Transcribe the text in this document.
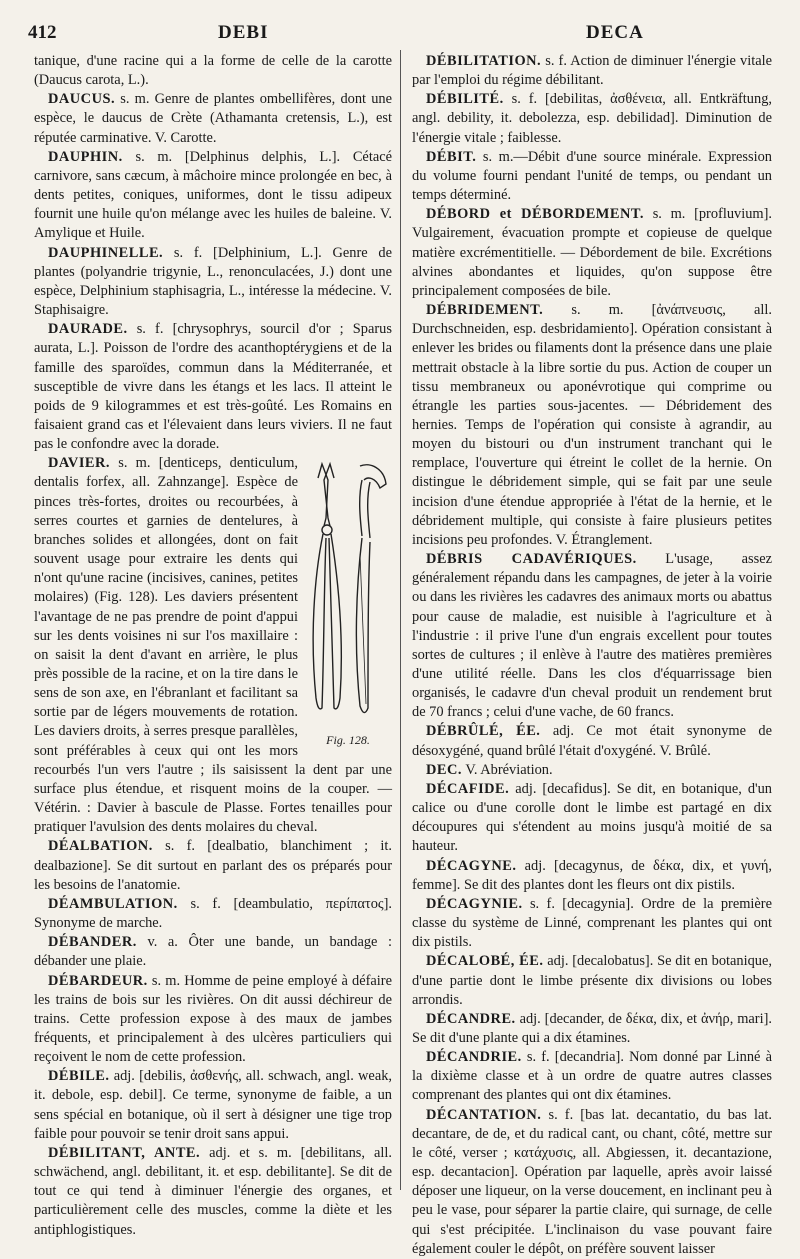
412	DEBI	DECA

tanique, d'une racine qui a la forme de celle de la carotte (Daucus carota, L.).

DAUCUS. s. m. Genre de plantes ombellifères, dont une espèce, le daucus de Crète (Athamanta cretensis, L.), est réputée carminative. V. Carotte.

DAUPHIN. s. m. [Delphinus delphis, L.]. Cétacé carnivore, sans cæcum, à mâchoire mince prolongée en bec, à dents petites, coniques, uniformes, dont le tissu adipeux fournit une huile qu'on mélange avec les huiles de baleine. V. Amylique et Huile.

DAUPHINELLE. s. f. [Delphinium, L.]. Genre de plantes (polyandrie trigynie, L., renonculacées, J.) dont une espèce, Delphinium staphisagria, L., intéresse la médecine. V. Staphisaigre.

DAURADE. s. f. [chrysophrys, sourcil d'or ; Sparus aurata, L.]. Poisson de l'ordre des acanthoptérygiens et de la famille des sparoïdes, commun dans la Méditerranée, et susceptible de vivre dans les étangs et les lacs. Il atteint le poids de 9 kilogrammes et est très-goûté. Les Romains en faisaient grand cas et l'élevaient dans leurs viviers. Il ne faut pas le confondre avec la dorade.

Fig. 128.

DAVIER. s. m. [denticeps, denticulum, dentalis forfex, all. Zahnzange]. Espèce de pinces très-fortes, droites ou recourbées, à serres courtes et garnies de dentelures, à branches solides et allongées, dont on fait souvent usage pour extraire les dents qui n'ont qu'une racine (incisives, canines, petites molaires) (Fig. 128). Les daviers présentent l'avantage de ne pas prendre de point d'appui sur les dents voisines ni sur l'os maxillaire : on saisit la dent d'avant en arrière, le plus près possible de la racine, et on la tire dans le sens de son axe, en l'ébranlant et facilitant sa sortie par de légers mouvements de rotation. Les daviers droits, à serres presque parallèles, sont préférables à ceux qui ont les mors recourbés l'un vers l'autre ; ils saisissent la dent par une surface plus étendue, et risquent moins de la couper. — Vétérin. : Davier à bascule de Plasse. Fortes tenailles pour pratiquer l'avulsion des dents molaires du cheval.

DÉALBATION. s. f. [dealbatio, blanchiment ; it. dealbazione]. Se dit surtout en parlant des os préparés pour les besoins de l'anatomie.

DÉAMBULATION. s. f. [deambulatio, περίπατος]. Synonyme de marche.

DÉBANDER. v. a. Ôter une bande, un bandage : débander une plaie.

DÉBARDEUR. s. m. Homme de peine employé à défaire les trains de bois sur les rivières. On dit aussi déchireur de trains. Cette profession expose à des maux de jambes fréquents, et principalement à des ulcères particuliers qui reçoivent le nom de cette profession.

DÉBILE. adj. [debilis, ἀσθενής, all. schwach, angl. weak, it. debole, esp. debil]. Ce terme, synonyme de faible, a un sens spécial en botanique, où il sert à désigner une tige trop faible pour pouvoir se tenir droit sans appui.

DÉBILITANT, ANTE. adj. et s. m. [debilitans, all. schwächend, angl. debilitant, it. et esp. debilitante]. Se dit de tout ce qui tend à diminuer l'énergie des organes, et particulièrement celle des muscles, comme la diète et les antiphlogistiques.

DÉBILITATION. s. f. Action de diminuer l'énergie vitale par l'emploi du régime débilitant.

DÉBILITÉ. s. f. [debilitas, ἀσθένεια, all. Entkräftung, angl. debility, it. debolezza, esp. debilidad]. Diminution de l'énergie vitale ; faiblesse.

DÉBIT. s. m.—Débit d'une source minérale. Expression du volume fourni pendant l'unité de temps, ou pendant un temps déterminé.

DÉBORD et DÉBORDEMENT. s. m. [profluvium]. Vulgairement, évacuation prompte et copieuse de quelque matière excrémentitielle. — Débordement de bile. Excrétions alvines abondantes et liquides, qu'on suppose être principalement composées de bile.

DÉBRIDEMENT. s. m. [ἀνάπνευσις, all. Durchschneiden, esp. desbridamiento]. Opération consistant à enlever les brides ou filaments dont la présence dans une plaie mettrait obstacle à la libre sortie du pus. Action de couper un tissu membraneux ou aponévrotique qui comprime ou étrangle les parties sous-jacentes. — Débridement des hernies. Temps de l'opération qui consiste à agrandir, au moyen du bistouri ou d'un instrument tranchant qui le remplace, l'ouverture qui étreint le collet de la hernie. On distingue le débridement simple, qui se fait par une seule incision d'une étendue appropriée à l'état de la hernie, et le débridement multiple, qui consiste à faire plusieurs petites incisions peu profondes. V. Étranglement.

DÉBRIS CADAVÉRIQUES. L'usage, assez généralement répandu dans les campagnes, de jeter à la voirie ou dans les rivières les cadavres des animaux morts ou abattus pour cause de maladie, est nuisible à l'agriculture et à l'industrie : il prive l'une d'un engrais excellent pour toutes sortes de cultures ; il enlève à l'autre des matières premières d'une utilité réelle. Dans les clos d'équarrissage bien organisés, le cadavre d'un cheval produit un rendement brut de 70 francs ; celui d'une vache, de 60 francs.

DÉBRÛLÉ, ÉE. adj. Ce mot était synonyme de désoxygéné, quand brûlé l'était d'oxygéné. V. Brûlé.

DEC. V. Abréviation.

DÉCAFIDE. adj. [decafidus]. Se dit, en botanique, d'un calice ou d'une corolle dont le limbe est partagé en dix découpures qui s'étendent au moins jusqu'à moitié de sa hauteur.

DÉCAGYNE. adj. [decagynus, de δέκα, dix, et γυνή, femme]. Se dit des plantes dont les fleurs ont dix pistils.

DÉCAGYNIE. s. f. [decagynia]. Ordre de la première classe du système de Linné, comprenant les plantes qui ont dix pistils.

DÉCALOBÉ, ÉE. adj. [decalobatus]. Se dit en botanique, d'une partie dont le limbe présente dix divisions ou lobes arrondis.

DÉCANDRE. adj. [decander, de δέκα, dix, et ἀνήρ, mari]. Se dit d'une plante qui a dix étamines.

DÉCANDRIE. s. f. [decandria]. Nom donné par Linné à la dixième classe et à un ordre de quatre autres classes comprenant des plantes qui ont dix étamines.

DÉCANTATION. s. f. [bas lat. decantatio, du bas lat. decantare, de de, et du radical cant, ou chant, côté, mettre sur le côté, verser ; κατάχυσις, all. Abgiessen, it. decantazione, esp. decantacion]. Opération par laquelle, après avoir laissé déposer une liqueur, on la verse doucement, en inclinant peu à peu le vase, pour séparer la partie claire, qui surnage, de celle qui s'est précipitée. L'inclinaison du vase pouvant faire également couler le dépôt, on préfère souvent laisser
